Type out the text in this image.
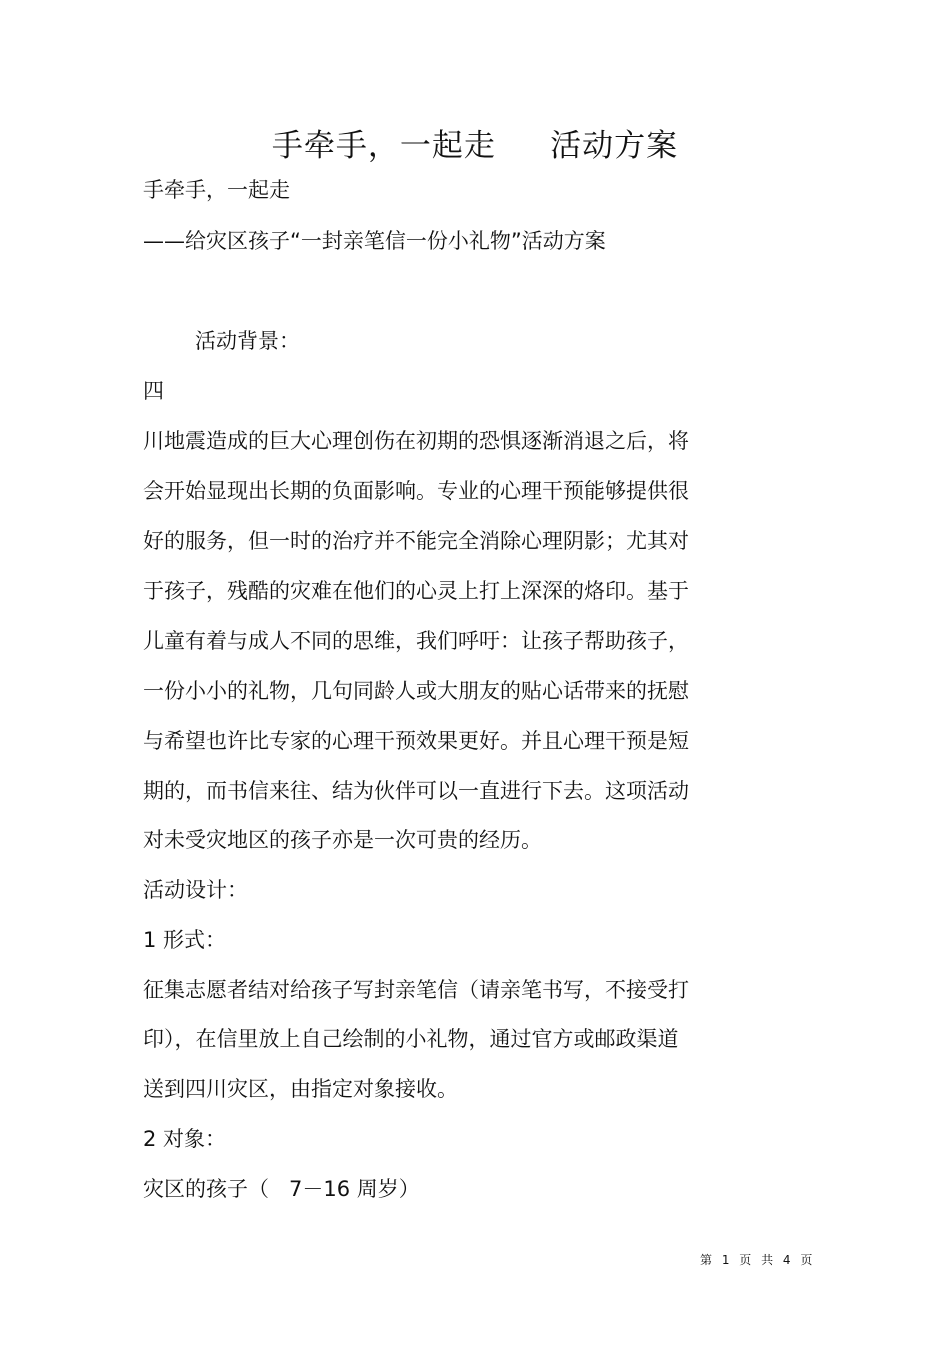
手牵手，一起走     活动方案
手牵手，一起走
——给灾区孩子“一封亲笔信一份小礼物”活动方案
活动背景：
四
川地震造成的巨大心理创伤在初期的恐惧逐渐消退之后，将
会开始显现出长期的负面影响。专业的心理干预能够提供很
好的服务，但一时的治疗并不能完全消除心理阴影；尤其对
于孩子，残酷的灾难在他们的心灵上打上深深的烙印。基于
儿童有着与成人不同的思维，我们呼吁：让孩子帮助孩子，
一份小小的礼物，几句同龄人或大朋友的贴心话带来的抚慰
与希望也许比专家的心理干预效果更好。并且心理干预是短
期的，而书信来往、结为伙伴可以一直进行下去。这项活动
对未受灾地区的孩子亦是一次可贵的经历。
活动设计：
1 形式：
征集志愿者结对给孩子写封亲笔信（请亲笔书写，不接受打
印），在信里放上自己绘制的小礼物，通过官方或邮政渠道
送到四川灾区，由指定对象接收。
2 对象：
灾区的孩子（   7－16 周岁）
第 1 页 共 4 页
